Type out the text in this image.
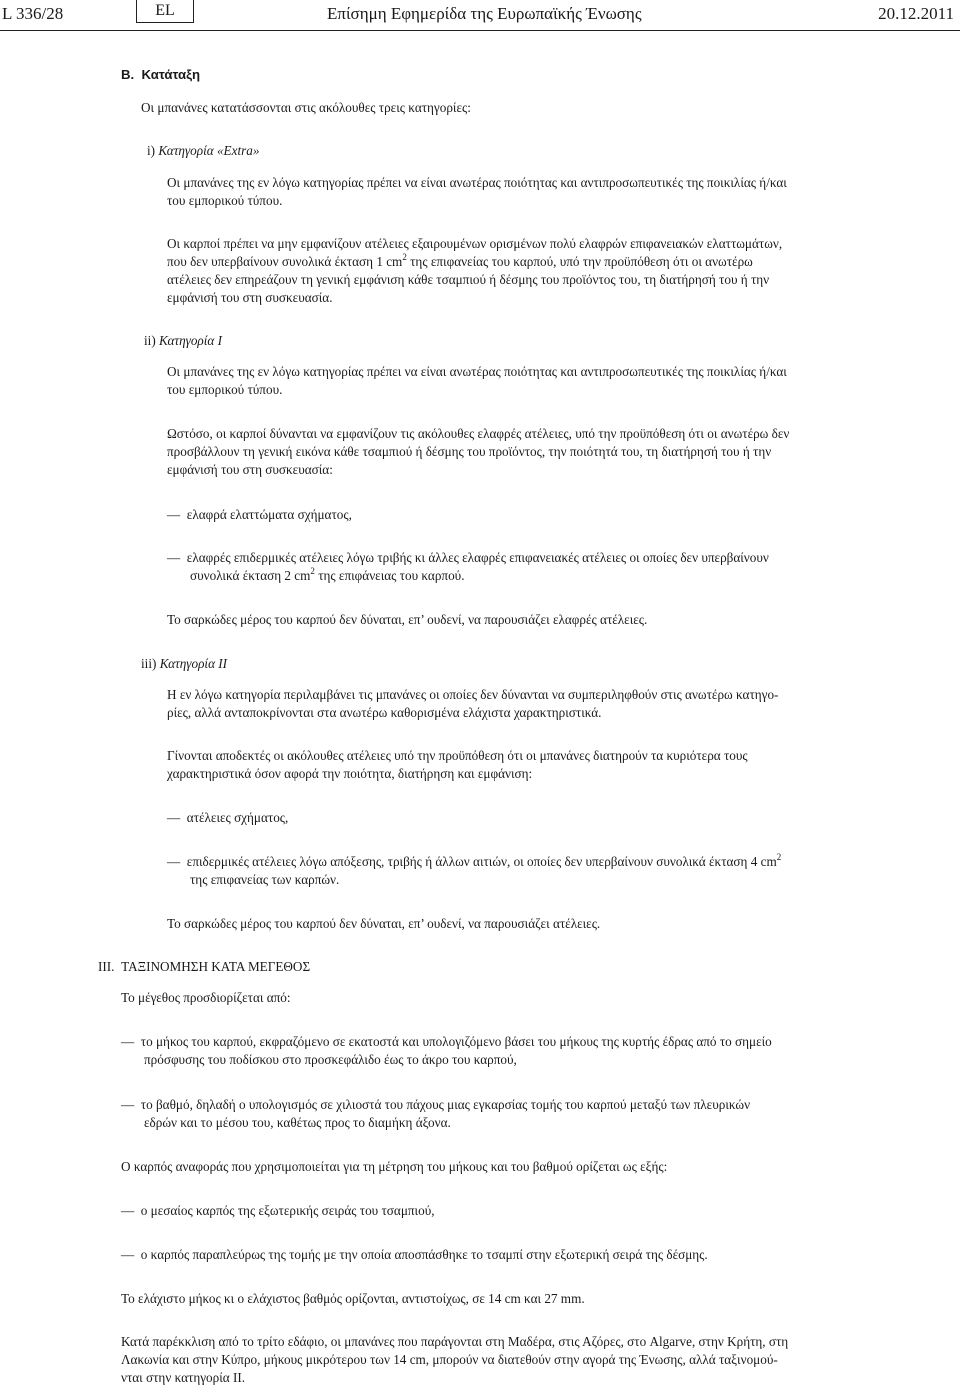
L 336/28	EL	Επίσημη Εφημερίδα της Ευρωπαϊκής Ένωσης	20.12.2011
Β. Κατάταξη
Οι μπανάνες κατατάσσονται στις ακόλουθες τρεις κατηγορίες:
i) Κατηγορία «Extra»
Οι μπανάνες της εν λόγω κατηγορίας πρέπει να είναι ανωτέρας ποιότητας και αντιπροσωπευτικές της ποικιλίας ή/και
του εμπορικού τύπου.
Οι καρποί πρέπει να μην εμφανίζουν ατέλειες εξαιρουμένων ορισμένων πολύ ελαφρών επιφανειακών ελαττωμάτων,
που δεν υπερβαίνουν συνολικά έκταση 1 $cm^2$ της επιφανείας του καρπού, υπό την προϋπόθεση ότι οι ανωτέρω
ατέλειες δεν επηρεάζουν τη γενική εμφάνιση κάθε τσαμπιού ή δέσμης του προϊόντος του, τη διατήρησή του ή την
εμφάνισή του στη συσκευασία.
ii) Κατηγορία I
Οι μπανάνες της εν λόγω κατηγορίας πρέπει να είναι ανωτέρας ποιότητας και αντιπροσωπευτικές της ποικιλίας ή/και
του εμπορικού τύπου.
Ωστόσο, οι καρποί δύνανται να εμφανίζουν τις ακόλουθες ελαφρές ατέλειες, υπό την προϋπόθεση ότι οι ανωτέρω δεν
προσβάλλουν τη γενική εικόνα κάθε τσαμπιού ή δέσμης του προϊόντος, την ποιότητά του, τη διατήρησή του ή την
εμφάνισή του στη συσκευασία:
— ελαφρά ελαττώματα σχήματος,
— ελαφρές επιδερμικές ατέλειες λόγω τριβής κι άλλες ελαφρές επιφανειακές ατέλειες οι οποίες δεν υπερβαίνουν
συνολικά έκταση 2 $cm^2$ της επιφάνειας του καρπού.
Το σαρκώδες μέρος του καρπού δεν δύναται, επ’ ουδενί, να παρουσιάζει ελαφρές ατέλειες.
iii) Κατηγορία II
Η εν λόγω κατηγορία περιλαμβάνει τις μπανάνες οι οποίες δεν δύνανται να συμπεριληφθούν στις ανωτέρω κατηγο-
ρίες, αλλά ανταποκρίνονται στα ανωτέρω καθορισμένα ελάχιστα χαρακτηριστικά.
Γίνονται αποδεκτές οι ακόλουθες ατέλειες υπό την προϋπόθεση ότι οι μπανάνες διατηρούν τα κυριότερα τους
χαρακτηριστικά όσον αφορά την ποιότητα, διατήρηση και εμφάνιση:
— ατέλειες σχήματος,
— επιδερμικές ατέλειες λόγω απόξεσης, τριβής ή άλλων αιτιών, οι οποίες δεν υπερβαίνουν συνολικά έκταση 4 $cm^2$
της επιφανείας των καρπών.
Το σαρκώδες μέρος του καρπού δεν δύναται, επ’ ουδενί, να παρουσιάζει ατέλειες.
III. ΤΑΞΙΝΟΜΗΣΗ ΚΑΤΑ ΜΕΓΕΘΟΣ
Το μέγεθος προσδιορίζεται από:
— το μήκος του καρπού, εκφραζόμενο σε εκατοστά και υπολογιζόμενο βάσει του μήκους της κυρτής έδρας από το σημείο
πρόσφυσης του ποδίσκου στο προσκεφάλιδο έως το άκρο του καρπού,
— το βαθμό, δηλαδή ο υπολογισμός σε χιλιοστά του πάχους μιας εγκαρσίας τομής του καρπού μεταξύ των πλευρικών
εδρών και το μέσου του, καθέτως προς το διαμήκη άξονα.
Ο καρπός αναφοράς που χρησιμοποιείται για τη μέτρηση του μήκους και του βαθμού ορίζεται ως εξής:
— ο μεσαίος καρπός της εξωτερικής σειράς του τσαμπιού,
— ο καρπός παραπλεύρως της τομής με την οποία αποσπάσθηκε το τσαμπί στην εξωτερική σειρά της δέσμης.
Το ελάχιστο μήκος κι ο ελάχιστος βαθμός ορίζονται, αντιστοίχως, σε 14 cm και 27 mm.
Κατά παρέκκλιση από το τρίτο εδάφιο, οι μπανάνες που παράγονται στη Μαδέρα, στις Αζόρες, στο Algarve, στην Κρήτη, στη
Λακωνία και στην Κύπρο, μήκους μικρότερου των 14 cm, μπορούν να διατεθούν στην αγορά της Ένωσης, αλλά ταξινομού-
νται στην κατηγορία II.
